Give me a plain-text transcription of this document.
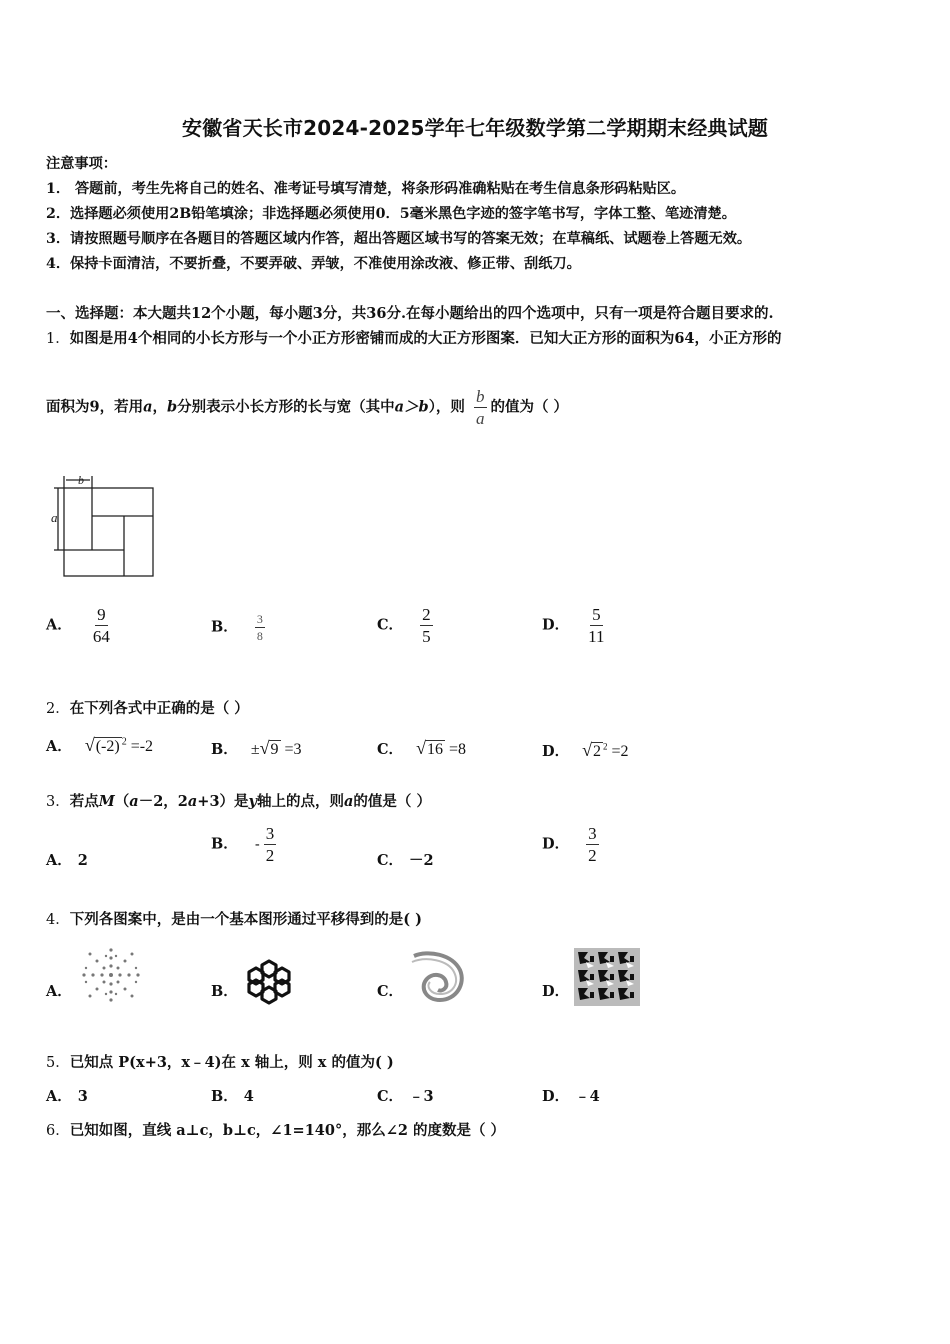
安徽省天长市2024-2025学年七年级数学第二学期期末经典试题
注意事项：
1． 答题前，考生先将自己的姓名、准考证号填写清楚，将条形码准确粘贴在考生信息条形码粘贴区。
2．选择题必须使用2B铅笔填涂；非选择题必须使用0．5毫米黑色字迹的签字笔书写，字体工整、笔迹清楚。
3．请按照题号顺序在各题目的答题区域内作答，超出答题区域书写的答案无效；在草稿纸、试题卷上答题无效。
4．保持卡面清洁，不要折叠，不要弄破、弄皱，不准使用涂改液、修正带、刮纸刀。
一、选择题：本大题共12个小题，每小题3分，共36分.在每小题给出的四个选项中，只有一项是符合题目要求的.
1．如图是用4个相同的小长方形与一个小正方形密铺而成的大正方形图案．已知大正方形的面积为64，小正方形的
面积为9，若用a，b分别表示小长方形的长与宽（其中a＞b），则 $\frac{b}{a}$ 的值为（ ）
b
a
A． $\frac{9}{64}$	B． $\frac{3}{8}$	C． $\frac{2}{5}$	D． $\frac{5}{11}$
2．在下列各式中正确的是（ ）
A． √(-2) $^2$ =-2	B． ±√9 =3	C． √16 =8	D． √2 $^2$ =2
3．若点M（a－2，2a+3）是y轴上的点，则a的值是（ ）
A． 2
B． - $\frac{3}{2}$	C． －2
D． $\frac{3}{2}$
4．下列各图案中，是由一个基本图形通过平移得到的是( )
A．	B．	C．	D．
5．已知点 P(x+3，x﹣4)在 x 轴上，则 x 的值为( )
A． 3	B． 4	C． ﹣3	D． ﹣4
6．已知如图，直线 a⊥c，b⊥c，∠1=140°，那么∠2 的度数是（ ）
